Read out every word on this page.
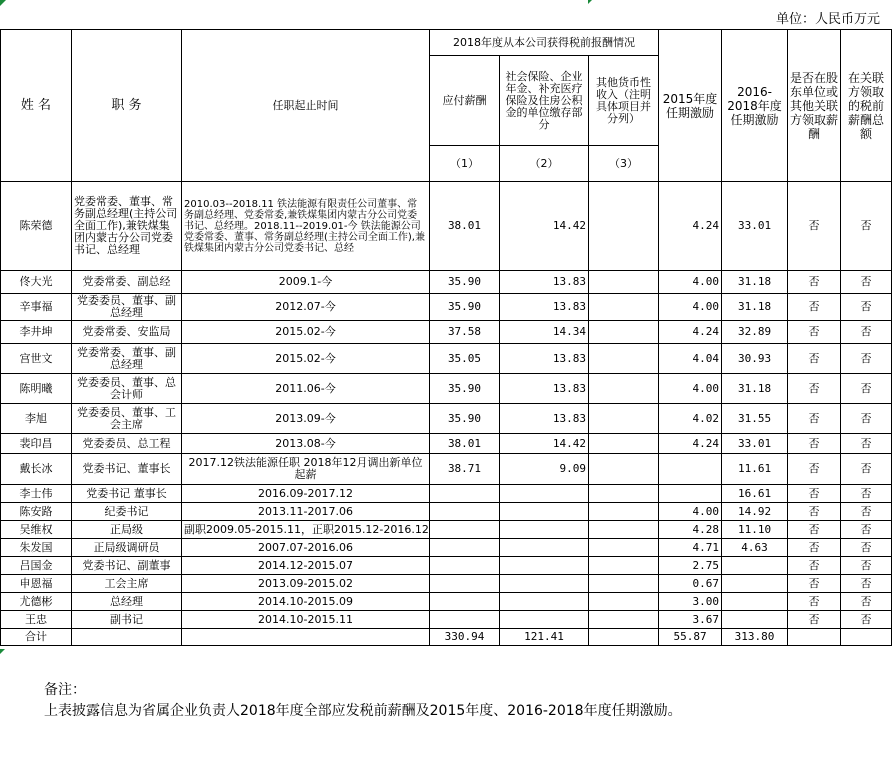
单位：人民币万元
姓 名	职 务	任职起止时间	2018年度从本公司获得税前报酬情况			2015年度任期激励	2016-2018年度任期激励	是否在股东单位或其他关联方领取薪酬	在关联方领取的税前薪酬总额
			应付薪酬	社会保险、企业年金、补充医疗保险及住房公积金的单位缴存部分	其他货币性收入（注明具体项目并分列）				
			（1）	（2）	（3）				
陈荣德	党委常委、董事、常务副总经理(主持公司全面工作),兼铁煤集团内蒙古分公司党委书记、总经理	2010.03--2018.11 铁法能源有限责任公司董事、常务副总经理、党委常委,兼铁煤集团内蒙古分公司党委书记、总经理。2018.11--2019.01-今 铁法能源公司党委常委、董事、常务副总经理(主持公司全面工作),兼铁煤集团内蒙古分公司党委书记、总经	38.01	14.42		4.24	33.01	否	否
佟大光	党委常委、副总经	2009.1-今	35.90	13.83		4.00	31.18	否	否
辛事福	党委委员、董事、副总经理	2012.07-今	35.90	13.83		4.00	31.18	否	否
李井坤	党委常委、安监局	2015.02-今	37.58	14.34		4.24	32.89	否	否
宫世文	党委常委、董事、副总经理	2015.02-今	35.05	13.83		4.04	30.93	否	否
陈明曦	党委委员、董事、总会计师	2011.06-今	35.90	13.83		4.00	31.18	否	否
李旭	党委委员、董事、工会主席	2013.09-今	35.90	13.83		4.02	31.55	否	否
裴印昌	党委委员、总工程	2013.08-今	38.01	14.42		4.24	33.01	否	否
戴长冰	党委书记、董事长	2017.12铁法能源任职 2018年12月调出新单位起薪	38.71	9.09			11.61	否	否
李士伟	党委书记 董事长	2016.09-2017.12					16.61	否	否
陈安路	纪委书记	2013.11-2017.06				4.00	14.92	否	否
吴维权	正局级	副职2009.05-2015.11，正职2015.12-2016.12				4.28	11.10	否	否
朱发国	正局级调研员	2007.07-2016.06				4.71	4.63	否	否
吕国金	党委书记、副董事	2014.12-2015.07				2.75		否	否
申恩福	工会主席	2013.09-2015.02				0.67		否	否
尤德彬	总经理	2014.10-2015.09				3.00		否	否
王忠	副书记	2014.10-2015.11				3.67		否	否
合计			330.94	121.41		55.87	313.80		
备注：
上表披露信息为省属企业负责人2018年度全部应发税前薪酬及2015年度、2016-2018年度任期激励。
